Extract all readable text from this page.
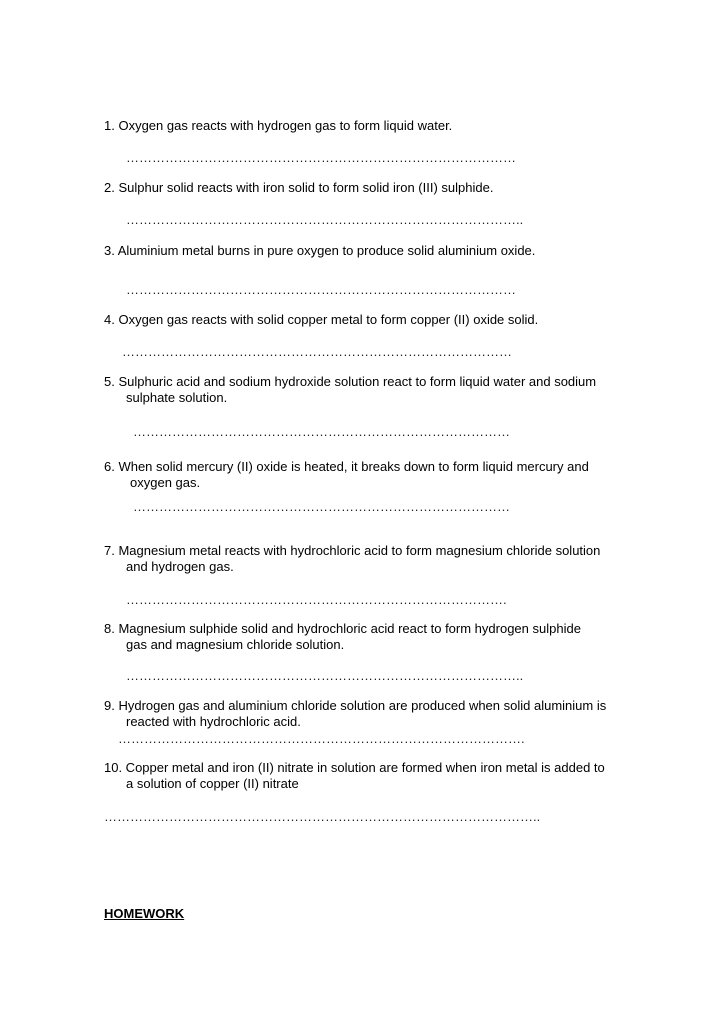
1. Oxygen gas reacts with hydrogen gas to form liquid water.
………………………………………………………………………………
2. Sulphur solid reacts with iron solid to form solid iron (III) sulphide.
………………………………………………………………………………..
3. Aluminium metal burns in pure oxygen to produce solid aluminium oxide.
………………………………………………………………………………
4. Oxygen gas reacts with solid copper metal to form copper (II) oxide solid.
………………………………………………………………………………
5. Sulphuric acid and sodium hydroxide solution react to form liquid water and sodium
sulphate solution.
……………………………………………………………………………
6. When solid mercury (II) oxide is heated, it breaks down to form liquid mercury and
oxygen gas.
……………………………………………………………………………
7. Magnesium metal reacts with hydrochloric acid to form magnesium chloride solution
and hydrogen gas.
…………………………………………………………………………….
8. Magnesium sulphide solid and hydrochloric acid react to form hydrogen sulphide
gas and magnesium chloride solution.
………………………………………………………………………………..
9. Hydrogen gas and aluminium chloride solution are produced when solid aluminium is
reacted with hydrochloric acid.
………………………………………………………………………………….
10. Copper metal and iron (II) nitrate in solution are formed when iron metal is added to
a solution of copper (II) nitrate
………………………………………………………………………………………..
HOMEWORK
